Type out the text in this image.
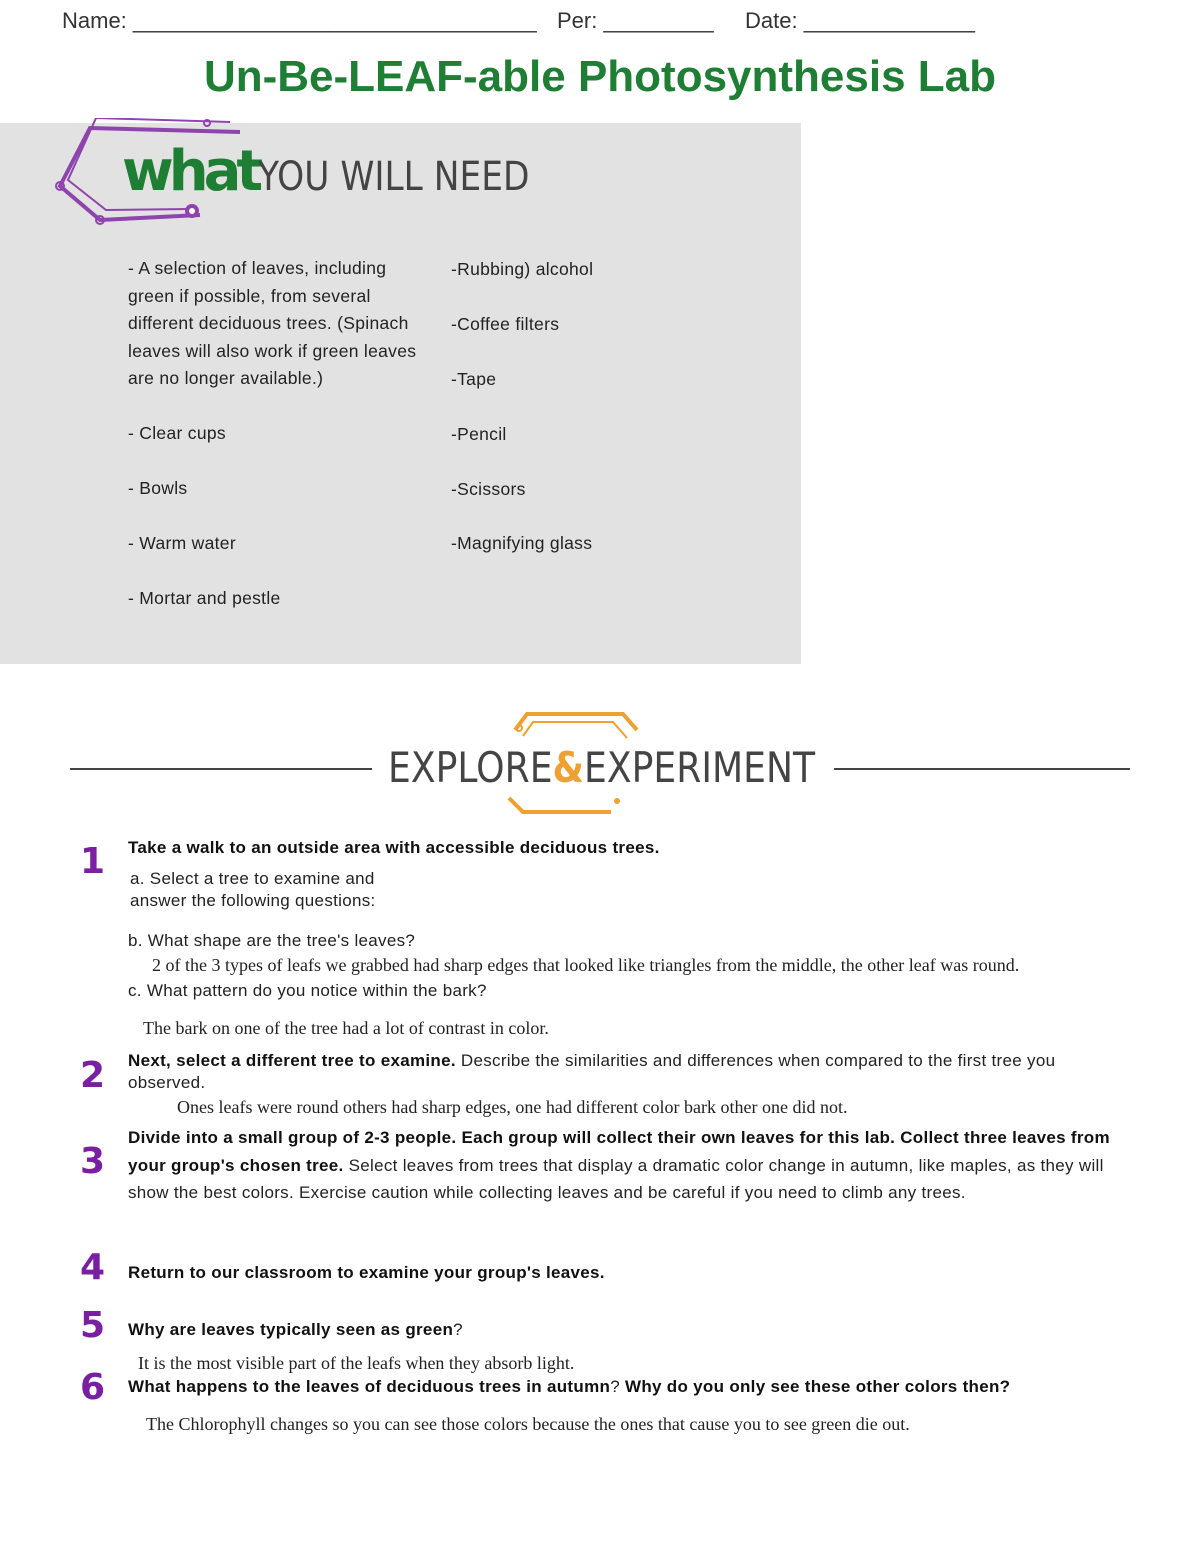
Name: _________________________________ Per: _________ Date: ______________
Un-Be-LEAF-able Photosynthesis Lab
what YOU WILL NEED
- A selection of leaves, including green if possible, from several different deciduous trees. (Spinach leaves will also work if green leaves are no longer available.)
- Clear cups
- Bowls
- Warm water
- Mortar and pestle
-Rubbing) alcohol
-Coffee filters
-Tape
-Pencil
-Scissors
-Magnifying glass
EXPLORE&EXPERIMENT
1 Take a walk to an outside area with accessible deciduous trees.
a. Select a tree to examine and answer the following questions:
b. What shape are the tree's leaves?
2 of the 3 types of leafs we grabbed had sharp edges that looked like triangles from the middle, the other leaf was round.
c. What pattern do you notice within the bark?
The bark on one of the tree had a lot of contrast in color.
2 Next, select a different tree to examine. Describe the similarities and differences when compared to the first tree you observed.
Ones leafs were round others had sharp edges, one had different color bark other one did not.
3
Divide into a small group of 2-3 people. Each group will collect their own leaves for this lab. Collect three leaves from your group's chosen tree. Select leaves from trees that display a dramatic color change in autumn, like maples, as they will show the best colors. Exercise caution while collecting leaves and be careful if you need to climb any trees.
4 Return to our classroom to examine your group's leaves.
5 Why are leaves typically seen as green?
It is the most visible part of the leafs when they absorb light.
6 What happens to the leaves of deciduous trees in autumn? Why do you only see these other colors then?
The Chlorophyll changes so you can see those colors because the ones that cause you to see green die out.
